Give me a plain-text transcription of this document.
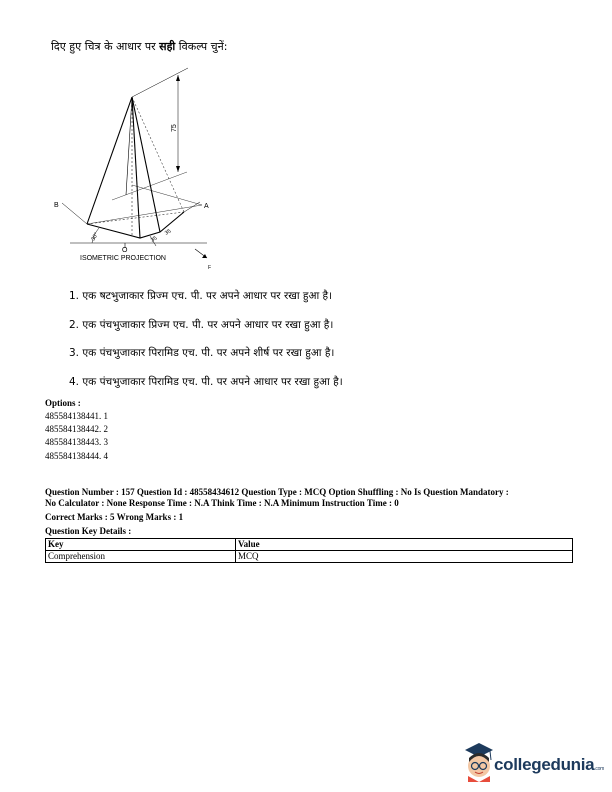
दिए हुए चित्र के आधार पर सही विकल्प चुनें:
B	A
O
F
75
30°	35
35
ISOMETRIC PROJECTION
1. एक षटभुजाकार प्रिज्म एच. पी. पर अपने आधार पर रखा हुआ है।
2. एक पंचभुजाकार प्रिज्म एच. पी. पर अपने आधार पर रखा हुआ है।
3. एक पंचभुजाकार पिरामिड एच. पी. पर अपने शीर्ष पर रखा हुआ है।
4. एक पंचभुजाकार पिरामिड एच. पी. पर अपने आधार पर रखा हुआ है।
Options :
485584138441. 1
485584138442. 2
485584138443. 3
485584138444. 4
Question Number : 157 Question Id : 48558434612 Question Type : MCQ Option Shuffling : No Is Question Mandatory :
No Calculator : None Response Time : N.A Think Time : N.A Minimum Instruction Time : 0
Correct Marks : 5 Wrong Marks : 1
Question Key Details :
Key	Value
Comprehension	MCQ
collegedunia.com
